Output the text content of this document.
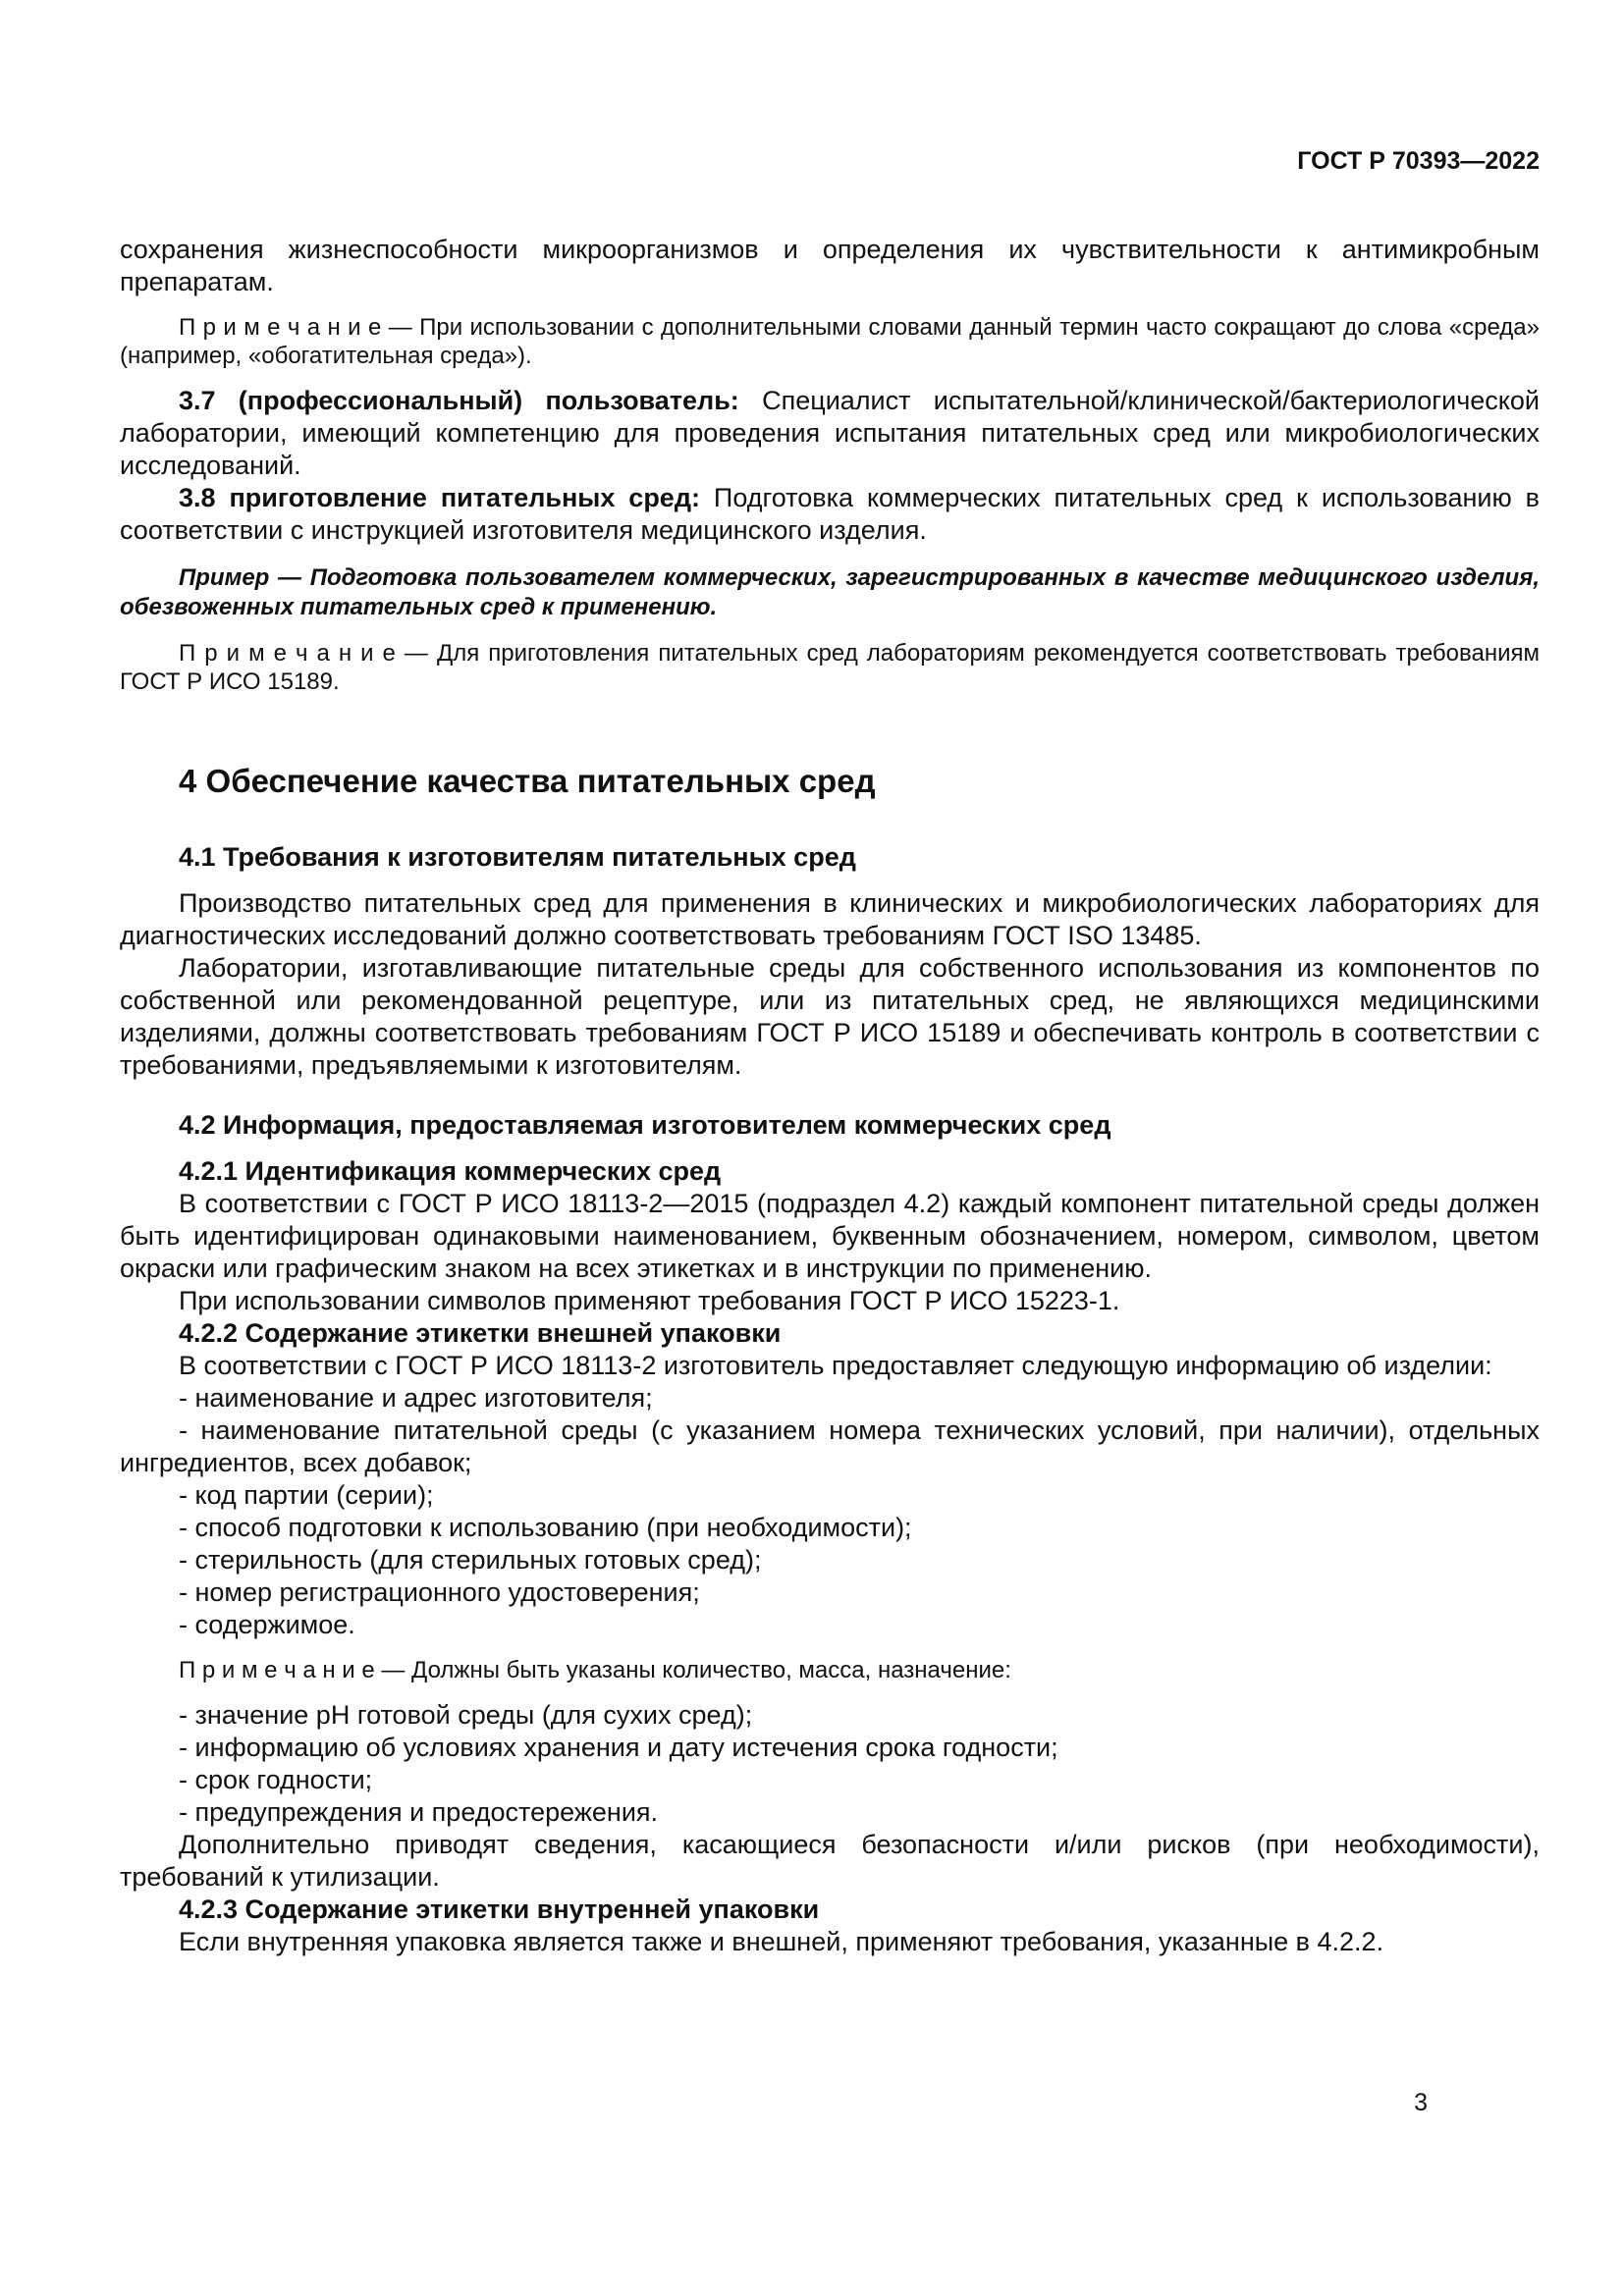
ГОСТ Р 70393—2022

сохранения жизнеспособности микроорганизмов и определения их чувствительности к антимикробным препаратам.

П р и м е ч а н и е — При использовании с дополнительными словами данный термин часто сокращают до слова «среда» (например, «обогатительная среда»).

3.7 (профессиональный) пользователь: Специалист испытательной/клинической/бактериологической лаборатории, имеющий компетенцию для проведения испытания питательных сред или микробиологических исследований.

3.8 приготовление питательных сред: Подготовка коммерческих питательных сред к использованию в соответствии с инструкцией изготовителя медицинского изделия.

Пример — Подготовка пользователем коммерческих, зарегистрированных в качестве медицинского изделия, обезвоженных питательных сред к применению.

П р и м е ч а н и е — Для приготовления питательных сред лабораториям рекомендуется соответствовать требованиям ГОСТ Р ИСО 15189.

4 Обеспечение качества питательных сред
4.1 Требования к изготовителям питательных сред

Производство питательных сред для применения в клинических и микробиологических лабораториях для диагностических исследований должно соответствовать требованиям ГОСТ ISO 13485.

Лаборатории, изготавливающие питательные среды для собственного использования из компонентов по собственной или рекомендованной рецептуре, или из питательных сред, не являющихся медицинскими изделиями, должны соответствовать требованиям ГОСТ Р ИСО 15189 и обеспечивать контроль в соответствии с требованиями, предъявляемыми к изготовителям.

4.2 Информация, предоставляемая изготовителем коммерческих сред
4.2.1 Идентификация коммерческих сред

В соответствии с ГОСТ Р ИСО 18113-2—2015 (подраздел 4.2) каждый компонент питательной среды должен быть идентифицирован одинаковыми наименованием, буквенным обозначением, номером, символом, цветом окраски или графическим знаком на всех этикетках и в инструкции по применению.

При использовании символов применяют требования ГОСТ Р ИСО 15223-1.

4.2.2 Содержание этикетки внешней упаковки

В соответствии с ГОСТ Р ИСО 18113-2 изготовитель предоставляет следующую информацию об изделии:

- наименование и адрес изготовителя;

- наименование питательной среды (с указанием номера технических условий, при наличии), отдельных ингредиентов, всех добавок;

- код партии (серии);

- способ подготовки к использованию (при необходимости);

- стерильность (для стерильных готовых сред);

- номер регистрационного удостоверения;

- содержимое.

П р и м е ч а н и е — Должны быть указаны количество, масса, назначение:

- значение pH готовой среды (для сухих сред);

- информацию об условиях хранения и дату истечения срока годности;

- срок годности;

- предупреждения и предостережения.

Дополнительно приводят сведения, касающиеся безопасности и/или рисков (при необходимости), требований к утилизации.

4.2.3 Содержание этикетки внутренней упаковки

Если внутренняя упаковка является также и внешней, применяют требования, указанные в 4.2.2.

3
